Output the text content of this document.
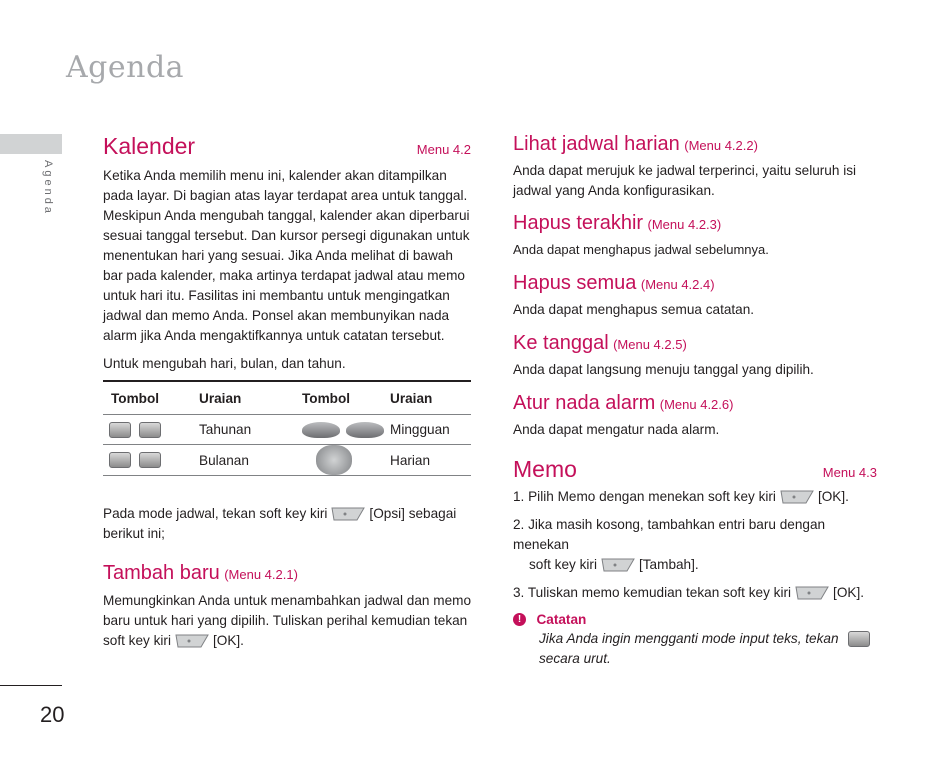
Agenda
Agenda
20
Kalender	Menu 4.2

Ketika Anda memilih menu ini, kalender akan ditampilkan pada layar. Di bagian atas layar terdapat area untuk tanggal. Meskipun Anda mengubah tanggal, kalender akan diperbarui sesuai tanggal tersebut. Dan kursor persegi digunakan untuk menentukan hari yang sesuai. Jika Anda melihat di bawah bar pada kalender, maka artinya terdapat jadwal atau memo untuk hari itu. Fasilitas ini membantu untuk mengingatkan jadwal dan memo Anda. Ponsel akan membunyikan nada alarm jika Anda mengaktifkannya untuk catatan tersebut.

Untuk mengubah hari, bulan, dan tahun.

Tombol	Uraian	Tombol	Uraian
	Tahunan		Mingguan
	Bulanan		Harian

Pada mode jadwal, tekan soft key kiri	[Opsi] sebagai
berikut ini;

Tambah baru (Menu 4.2.1)

Memungkinkan Anda untuk menambahkan jadwal dan memo baru untuk hari yang dipilih. Tuliskan perihal kemudian tekan soft key kiri	[OK].

Lihat jadwal harian (Menu 4.2.2)

Anda dapat merujuk ke jadwal terperinci, yaitu seluruh isi jadwal yang Anda konfigurasikan.

Hapus terakhir (Menu 4.2.3)

Anda dapat menghapus jadwal sebelumnya.

Hapus semua (Menu 4.2.4)

Anda dapat menghapus semua catatan.

Ke tanggal (Menu 4.2.5)

Anda dapat langsung menuju tanggal yang dipilih.

Atur nada alarm (Menu 4.2.6)

Anda dapat mengatur nada alarm.

Memo	Menu 4.3
1. Pilih Memo dengan menekan soft key kiri	[OK].
2. Jika masih kosong, tambahkan entri baru dengan menekan
soft key kiri	[Tambah].
3. Tuliskan memo kemudian tekan soft key kiri	[OK].
! Catatan
Jika Anda ingin mengganti mode input teks, tekan
secara urut.
